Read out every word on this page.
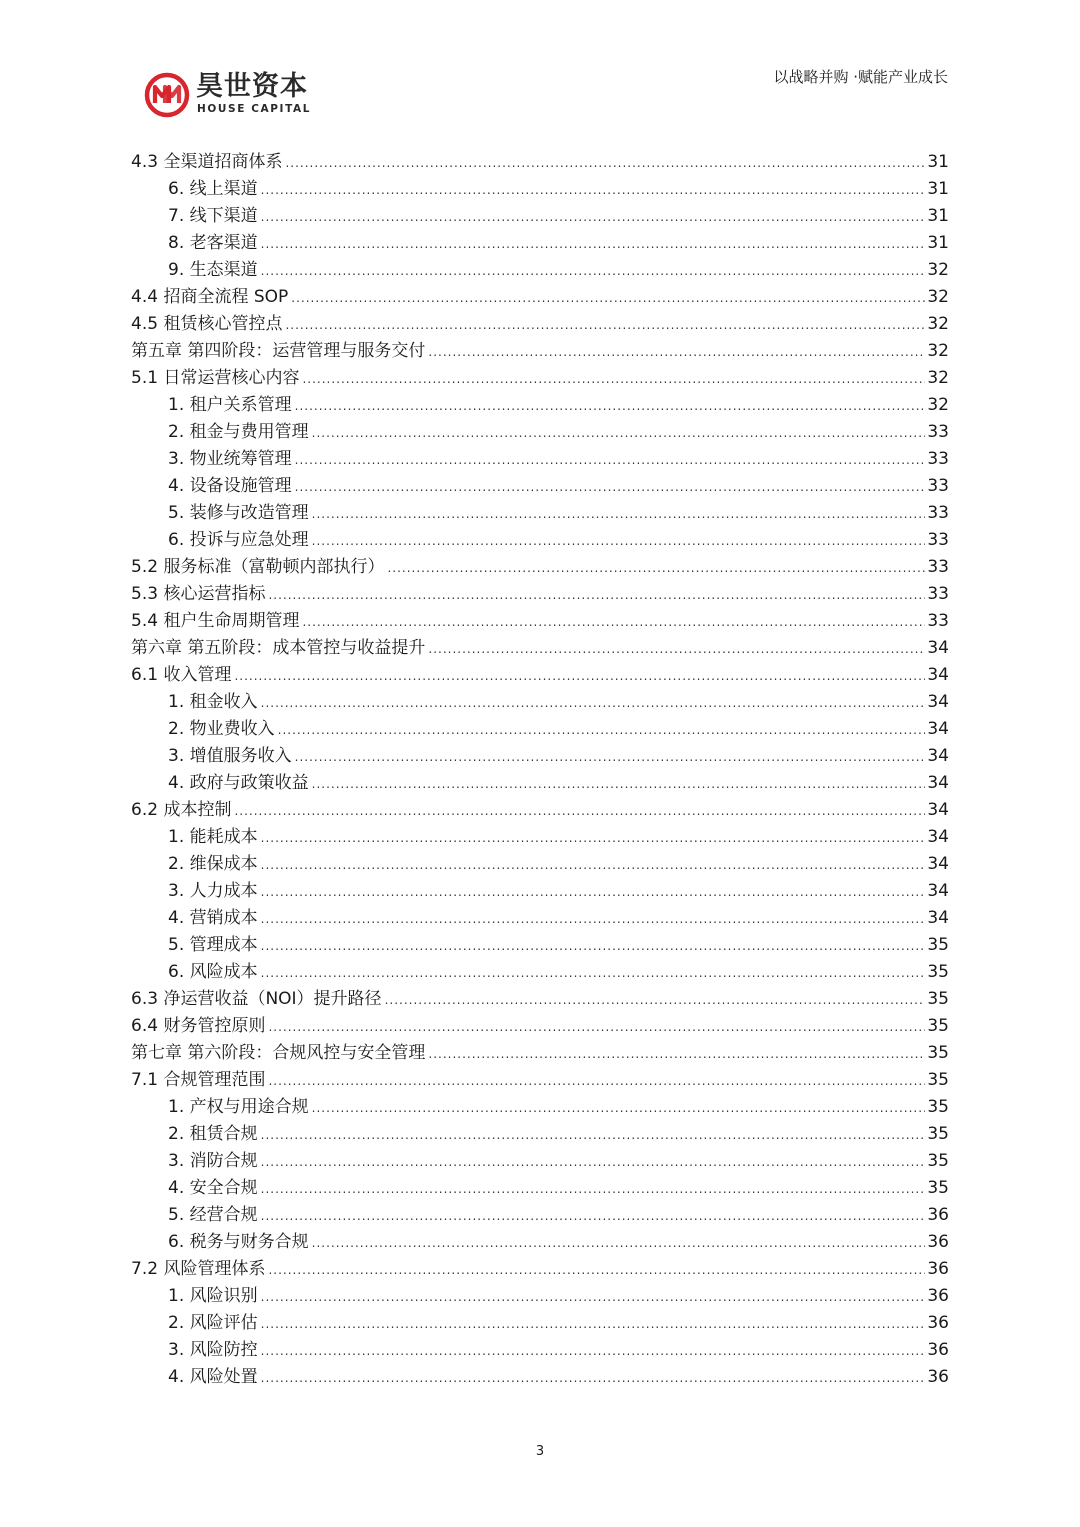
昊世资本
HOUSE CAPITAL
以战略并购 ·赋能产业成长
4.3 全渠道招商体系 .....	31
6. 线上渠道 .....	31
7. 线下渠道 .....	31
8. 老客渠道 .....	31
9. 生态渠道 .....	32
4.4 招商全流程 SOP .....	32
4.5 租赁核心管控点 .....	32
第五章 第四阶段：运营管理与服务交付 .....	32
5.1 日常运营核心内容 .....	32
1. 租户关系管理 .....	32
2. 租金与费用管理 .....	33
3. 物业统筹管理 .....	33
4. 设备设施管理 .....	33
5. 装修与改造管理 .....	33
6. 投诉与应急处理 .....	33
5.2 服务标准（富勒顿内部执行） .....	33
5.3 核心运营指标 .....	33
5.4 租户生命周期管理 .....	33
第六章 第五阶段：成本管控与收益提升 .....	34
6.1 收入管理 .....	34
1. 租金收入 .....	34
2. 物业费收入 .....	34
3. 增值服务收入 .....	34
4. 政府与政策收益 .....	34
6.2 成本控制 .....	34
1. 能耗成本 .....	34
2. 维保成本 .....	34
3. 人力成本 .....	34
4. 营销成本 .....	34
5. 管理成本 .....	35
6. 风险成本 .....	35
6.3 净运营收益（NOI）提升路径 .....	35
6.4 财务管控原则 .....	35
第七章 第六阶段：合规风控与安全管理 .....	35
7.1 合规管理范围 .....	35
1. 产权与用途合规 .....	35
2. 租赁合规 .....	35
3. 消防合规 .....	35
4. 安全合规 .....	35
5. 经营合规 .....	36
6. 税务与财务合规 .....	36
7.2 风险管理体系 .....	36
1. 风险识别 .....	36
2. 风险评估 .....	36
3. 风险防控 .....	36
4. 风险处置 .....	36
3
